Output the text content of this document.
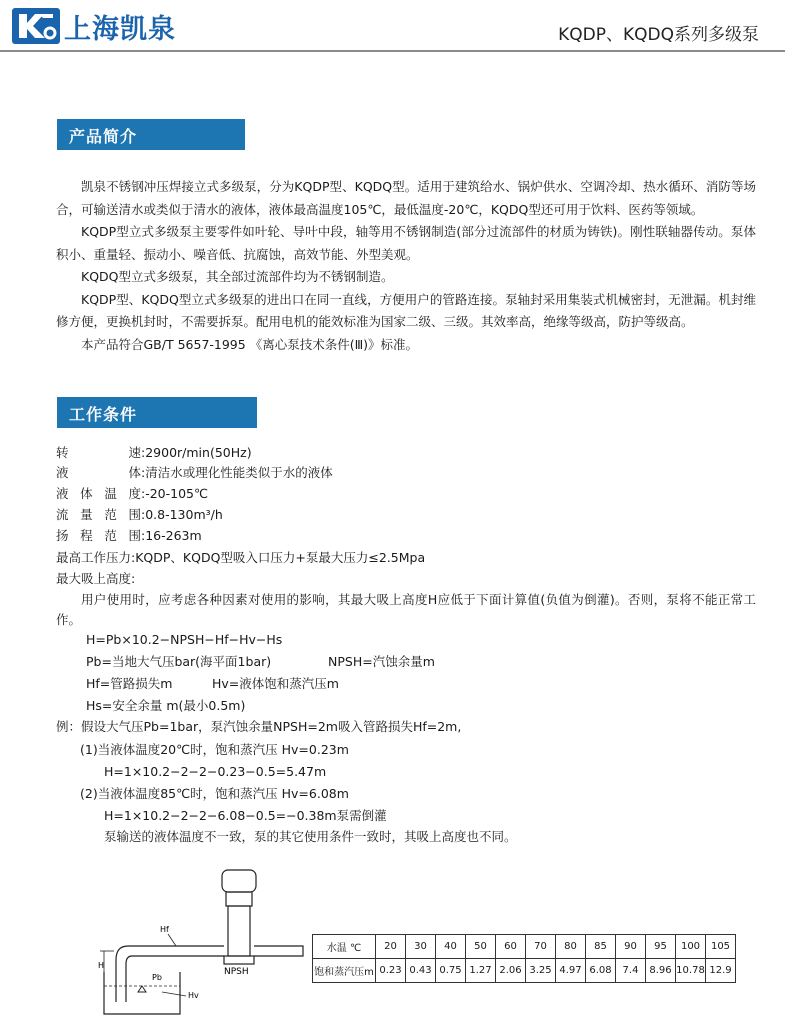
上海凯泉	KQDP、KQDQ系列多级泵
产品简介

凯泉不锈钢冲压焊接立式多级泵，分为KQDP型、KQDQ型。适用于建筑给水、锅炉供水、空调冷却、热水循环、消防等场合，可输送清水或类似于清水的液体，液体最高温度105℃，最低温度-20℃，KQDQ型还可用于饮料、医药等领域。

KQDP型立式多级泵主要零件如叶轮、导叶中段，轴等用不锈钢制造(部分过流部件的材质为铸铁)。刚性联轴器传动。泵体积小、重量轻、振动小、噪音低、抗腐蚀，高效节能、外型美观。

KQDQ型立式多级泵，其全部过流部件均为不锈钢制造。

KQDP型、KQDQ型立式多级泵的进出口在同一直线，方便用户的管路连接。泵轴封采用集装式机械密封，无泄漏。机封维修方便，更换机封时，不需要拆泵。配用电机的能效标准为国家二级、三级。其效率高，绝缘等级高，防护等级高。

本产品符合GB/T 5657-1995 《离心泵技术条件(Ⅲ)》标准。

工作条件
转速:2900r/min(50Hz)
液体:清洁水或理化性能类似于水的液体
液体温度:-20-105℃
流量范围:0.8-130m³/h
扬程范围:16-263m
最高工作压力:KQDP、KQDQ型吸入口压力+泵最大压力≤2.5Mpa
最大吸上高度:

用户使用时，应考虑各种因素对使用的影响，其最大吸上高度H应低于下面计算值(负值为倒灌)。否则，泵将不能正常工作。

H=Pb×10.2−NPSH−Hf−Hv−Hs
Pb=当地大气压bar(海平面1bar)	NPSH=汽蚀余量m
Hf=管路损失m	Hv=液体饱和蒸汽压m
Hs=安全余量 m(最小0.5m)
例：假设大气压Pb=1bar，泵汽蚀余量NPSH=2m吸入管路损失Hf=2m,
(1)当液体温度20℃时，饱和蒸汽压 Hv=0.23m
H=1×10.2−2−2−0.23−0.5=5.47m
(2)当液体温度85℃时，饱和蒸汽压 Hv=6.08m
H=1×10.2−2−2−6.08−0.5=−0.38m泵需倒灌
泵输送的液体温度不一致，泵的其它使用条件一致时，其吸上高度也不同。
Hf
H
Pb
Hv
NPSH
水温 ℃	20	30	40	50	60	70	80	85	90	95	100	105
饱和蒸汽压m	0.23	0.43	0.75	1.27	2.06	3.25	4.97	6.08	7.4	8.96	10.78	12.9
